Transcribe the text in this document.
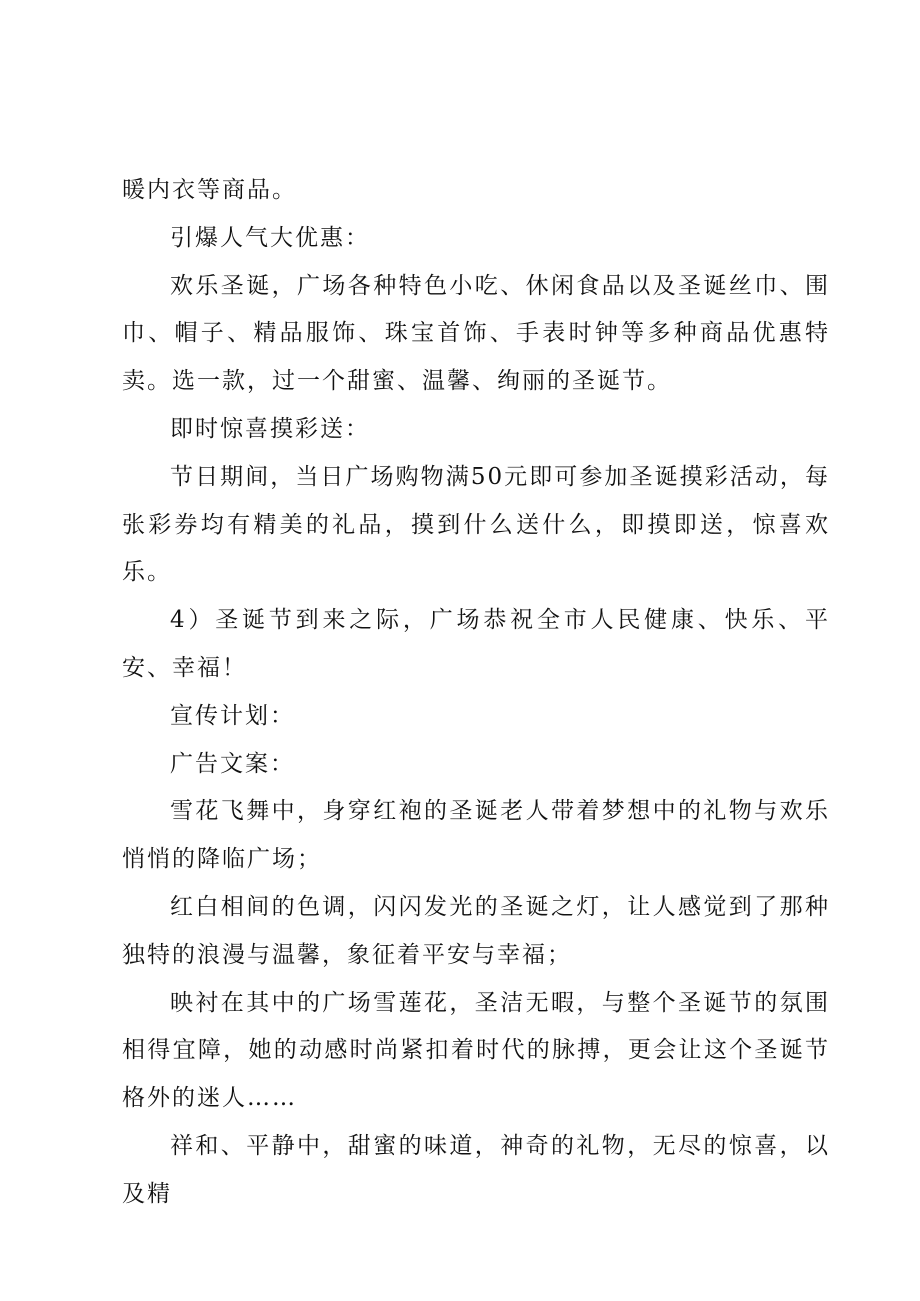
暖内衣等商品。

引爆人气大优惠：

欢乐圣诞，广场各种特色小吃、休闲食品以及圣诞丝巾、围巾、帽子、精品服饰、珠宝首饰、手表时钟等多种商品优惠特卖。选一款，过一个甜蜜、温馨、绚丽的圣诞节。

即时惊喜摸彩送：

节日期间，当日广场购物满50元即可参加圣诞摸彩活动，每张彩券均有精美的礼品，摸到什么送什么，即摸即送，惊喜欢乐。

4）圣诞节到来之际，广场恭祝全市人民健康、快乐、平安、幸福！

宣传计划：

广告文案：

雪花飞舞中，身穿红袍的圣诞老人带着梦想中的礼物与欢乐悄悄的降临广场；

红白相间的色调，闪闪发光的圣诞之灯，让人感觉到了那种独特的浪漫与温馨，象征着平安与幸福；

映衬在其中的广场雪莲花，圣洁无暇，与整个圣诞节的氛围相得宜障，她的动感时尚紧扣着时代的脉搏，更会让这个圣诞节格外的迷人……

祥和、平静中，甜蜜的味道，神奇的礼物，无尽的惊喜，以及精
